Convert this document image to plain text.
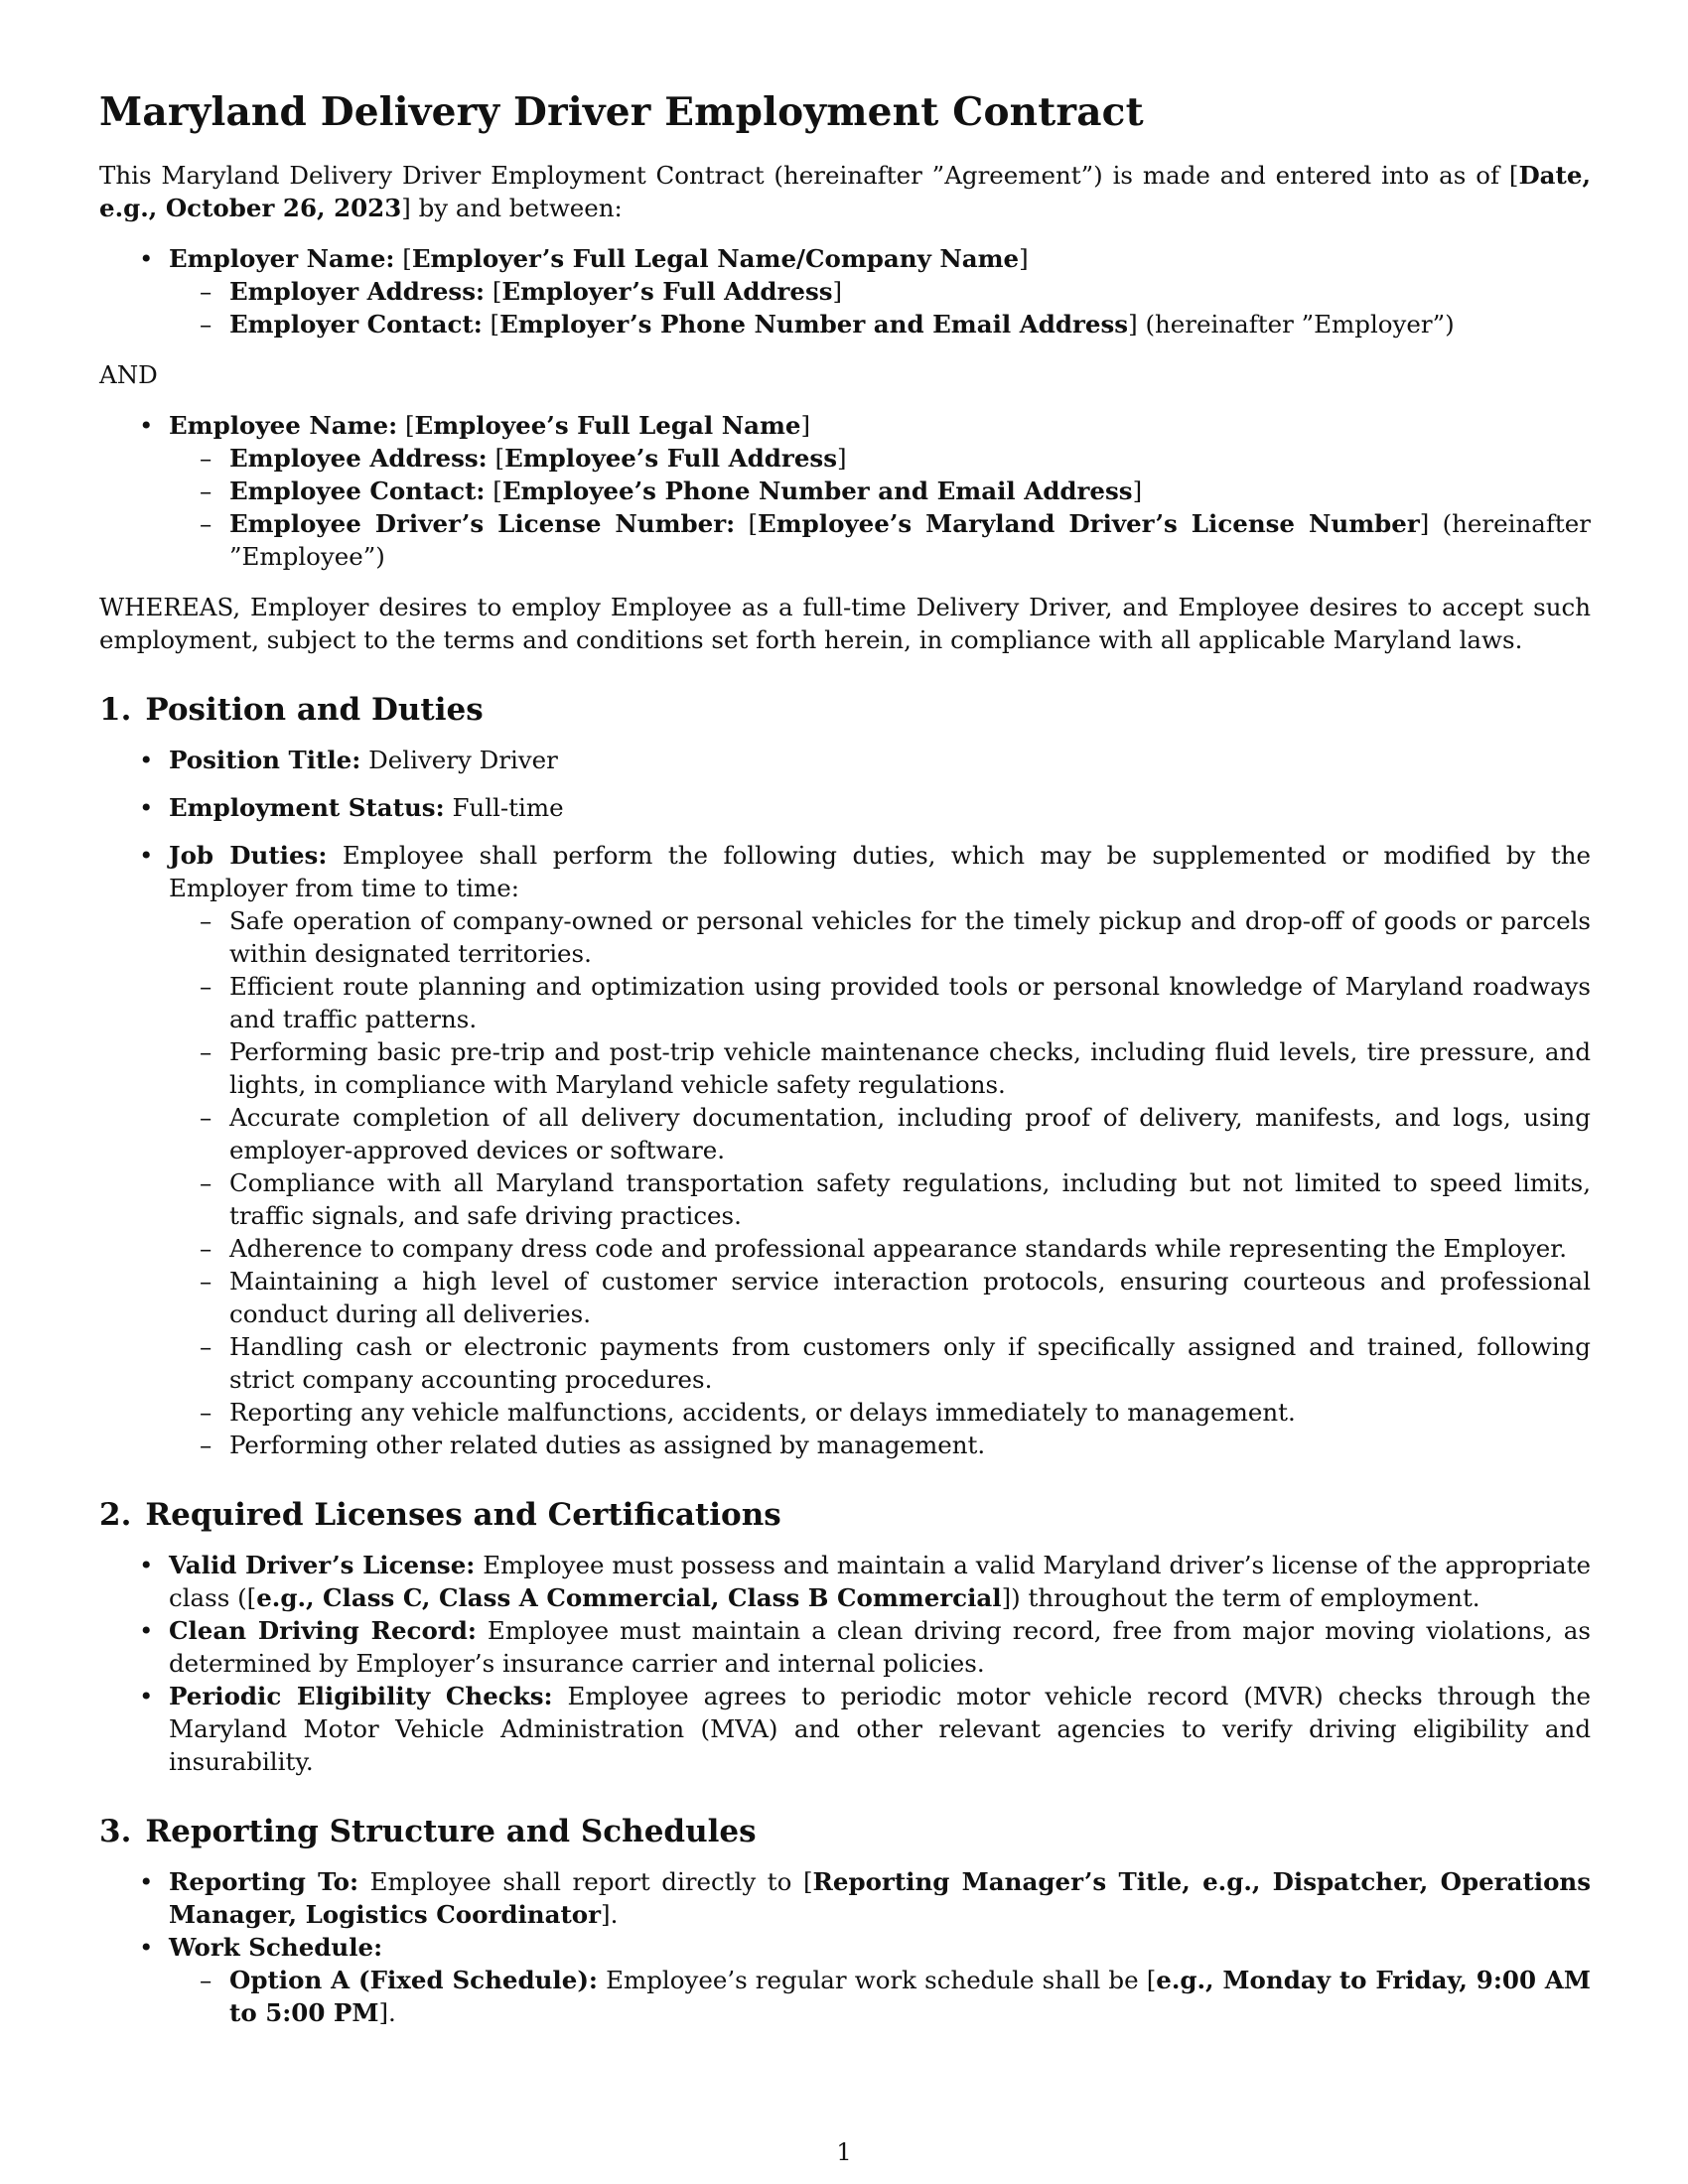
Maryland Delivery Driver Employment Contract

This Maryland Delivery Driver Employment Contract (hereinafter ”Agreement”) is made and entered into as of [Date, e.g., October 26, 2023] by and between:

• Employer Name: [Employer’s Full Legal Name/Company Name]
– Employer Address: [Employer’s Full Address]
– Employer Contact: [Employer’s Phone Number and Email Address] (hereinafter ”Employer”)

AND

• Employee Name: [Employee’s Full Legal Name]
– Employee Address: [Employee’s Full Address]
– Employee Contact: [Employee’s Phone Number and Email Address]
– Employee Driver’s License Number: [Employee’s Maryland Driver’s License Number] (hereinafter ”Employee”)

WHEREAS, Employer desires to employ Employee as a full-time Delivery Driver, and Employee desires to accept such employment, subject to the terms and conditions set forth herein, in compliance with all applicable Maryland laws.

1. Position and Duties
• Position Title: Delivery Driver
• Employment Status: Full-time
• Job Duties: Employee shall perform the following duties, which may be supplemented or modified by the Employer from time to time:
– Safe operation of company-owned or personal vehicles for the timely pickup and drop-off of goods or parcels within designated territories.
– Efficient route planning and optimization using provided tools or personal knowledge of Maryland roadways and traffic patterns.
– Performing basic pre-trip and post-trip vehicle maintenance checks, including fluid levels, tire pressure, and lights, in compliance with Maryland vehicle safety regulations.
– Accurate completion of all delivery documentation, including proof of delivery, manifests, and logs, using employer-approved devices or software.
– Compliance with all Maryland transportation safety regulations, including but not limited to speed limits, traffic signals, and safe driving practices.
– Adherence to company dress code and professional appearance standards while representing the Employer.
– Maintaining a high level of customer service interaction protocols, ensuring courteous and professional conduct during all deliveries.
– Handling cash or electronic payments from customers only if specifically assigned and trained, following strict company accounting procedures.
– Reporting any vehicle malfunctions, accidents, or delays immediately to management.
– Performing other related duties as assigned by management.
2. Required Licenses and Certifications
• Valid Driver’s License: Employee must possess and maintain a valid Maryland driver’s license of the appropriate class ([e.g., Class C, Class A Commercial, Class B Commercial]) throughout the term of employment.
• Clean Driving Record: Employee must maintain a clean driving record, free from major moving violations, as determined by Employer’s insurance carrier and internal policies.
• Periodic Eligibility Checks: Employee agrees to periodic motor vehicle record (MVR) checks through the Maryland Motor Vehicle Administration (MVA) and other relevant agencies to verify driving eligibility and insurability.
3. Reporting Structure and Schedules
• Reporting To: Employee shall report directly to [Reporting Manager’s Title, e.g., Dispatcher, Operations Manager, Logistics Coordinator].
• Work Schedule:
– Option A (Fixed Schedule): Employee’s regular work schedule shall be [e.g., Monday to Friday, 9:00 AM to 5:00 PM].
1
